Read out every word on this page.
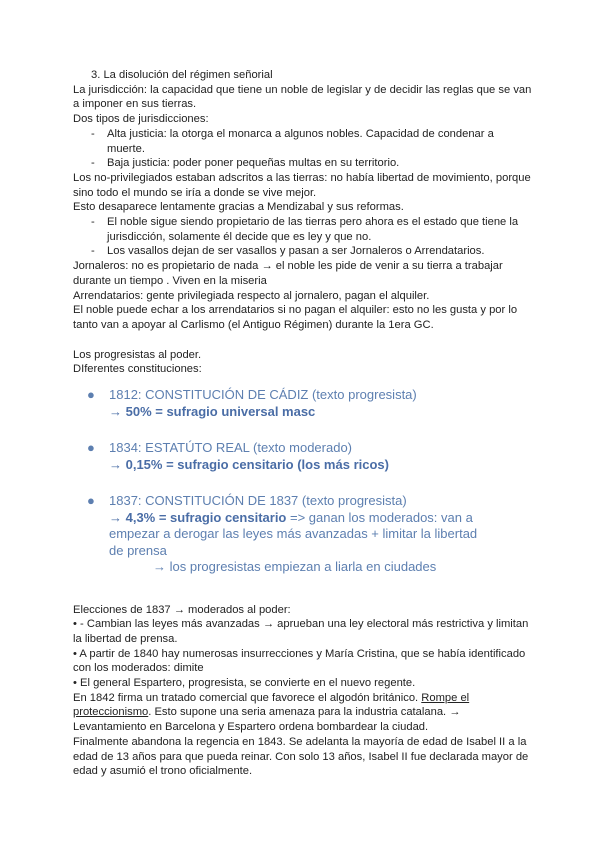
3. La disolución del régimen señorial
La jurisdicción: la capacidad que tiene un noble de legislar y de decidir las reglas que se van
a imponer en sus tierras.
Dos tipos de jurisdicciones:
- Alta justicia: la otorga el monarca a algunos nobles. Capacidad de condenar a
muerte.
- Baja justicia: poder poner pequeñas multas en su territorio.
Los no-privilegiados estaban adscritos a las tierras: no había libertad de movimiento, porque
sino todo el mundo se iría a donde se vive mejor.
Esto desaparece lentamente gracias a Mendizabal y sus reformas.
- El noble sigue siendo propietario de las tierras pero ahora es el estado que tiene la
jurisdicción, solamente él decide que es ley y que no.
- Los vasallos dejan de ser vasallos y pasan a ser Jornaleros o Arrendatarios.
Jornaleros: no es propietario de nada → el noble les pide de venir a su tierra a trabajar
durante un tiempo . Viven en la miseria
Arrendatarios: gente privilegiada respecto al jornalero, pagan el alquiler.
El noble puede echar a los arrendatarios si no pagan el alquiler: esto no les gusta y por lo
tanto van a apoyar al Carlismo (el Antiguo Régimen) durante la 1era GC.
Los progresistas al poder.
DIferentes constituciones:
● 1812: CONSTITUCIÓN DE CÁDIZ (texto progresista)
→ 50% = sufragio universal masc
● 1834: ESTATÚTO REAL (texto moderado)
→ 0,15% = sufragio censitario (los más ricos)
● 1837: CONSTITUCIÓN DE 1837 (texto progresista)
→ 4,3% = sufragio censitario => ganan los moderados: van a
empezar a derogar las leyes más avanzadas + limitar la libertad
de prensa
→ los progresistas empiezan a liarla en ciudades
Elecciones de 1837 → moderados al poder:
• - Cambian las leyes más avanzadas → aprueban una ley electoral más restrictiva y limitan
la libertad de prensa.
• A partir de 1840 hay numerosas insurrecciones y María Cristina, que se había identificado
con los moderados: dimite
• El general Espartero, progresista, se convierte en el nuevo regente.
En 1842 firma un tratado comercial que favorece el algodón británico. Rompe el
proteccionismo. Esto supone una seria amenaza para la industria catalana. →
Levantamiento en Barcelona y Espartero ordena bombardear la ciudad.
Finalmente abandona la regencia en 1843. Se adelanta la mayoría de edad de Isabel II a la
edad de 13 años para que pueda reinar. Con solo 13 años, Isabel II fue declarada mayor de
edad y asumió el trono oficialmente.
